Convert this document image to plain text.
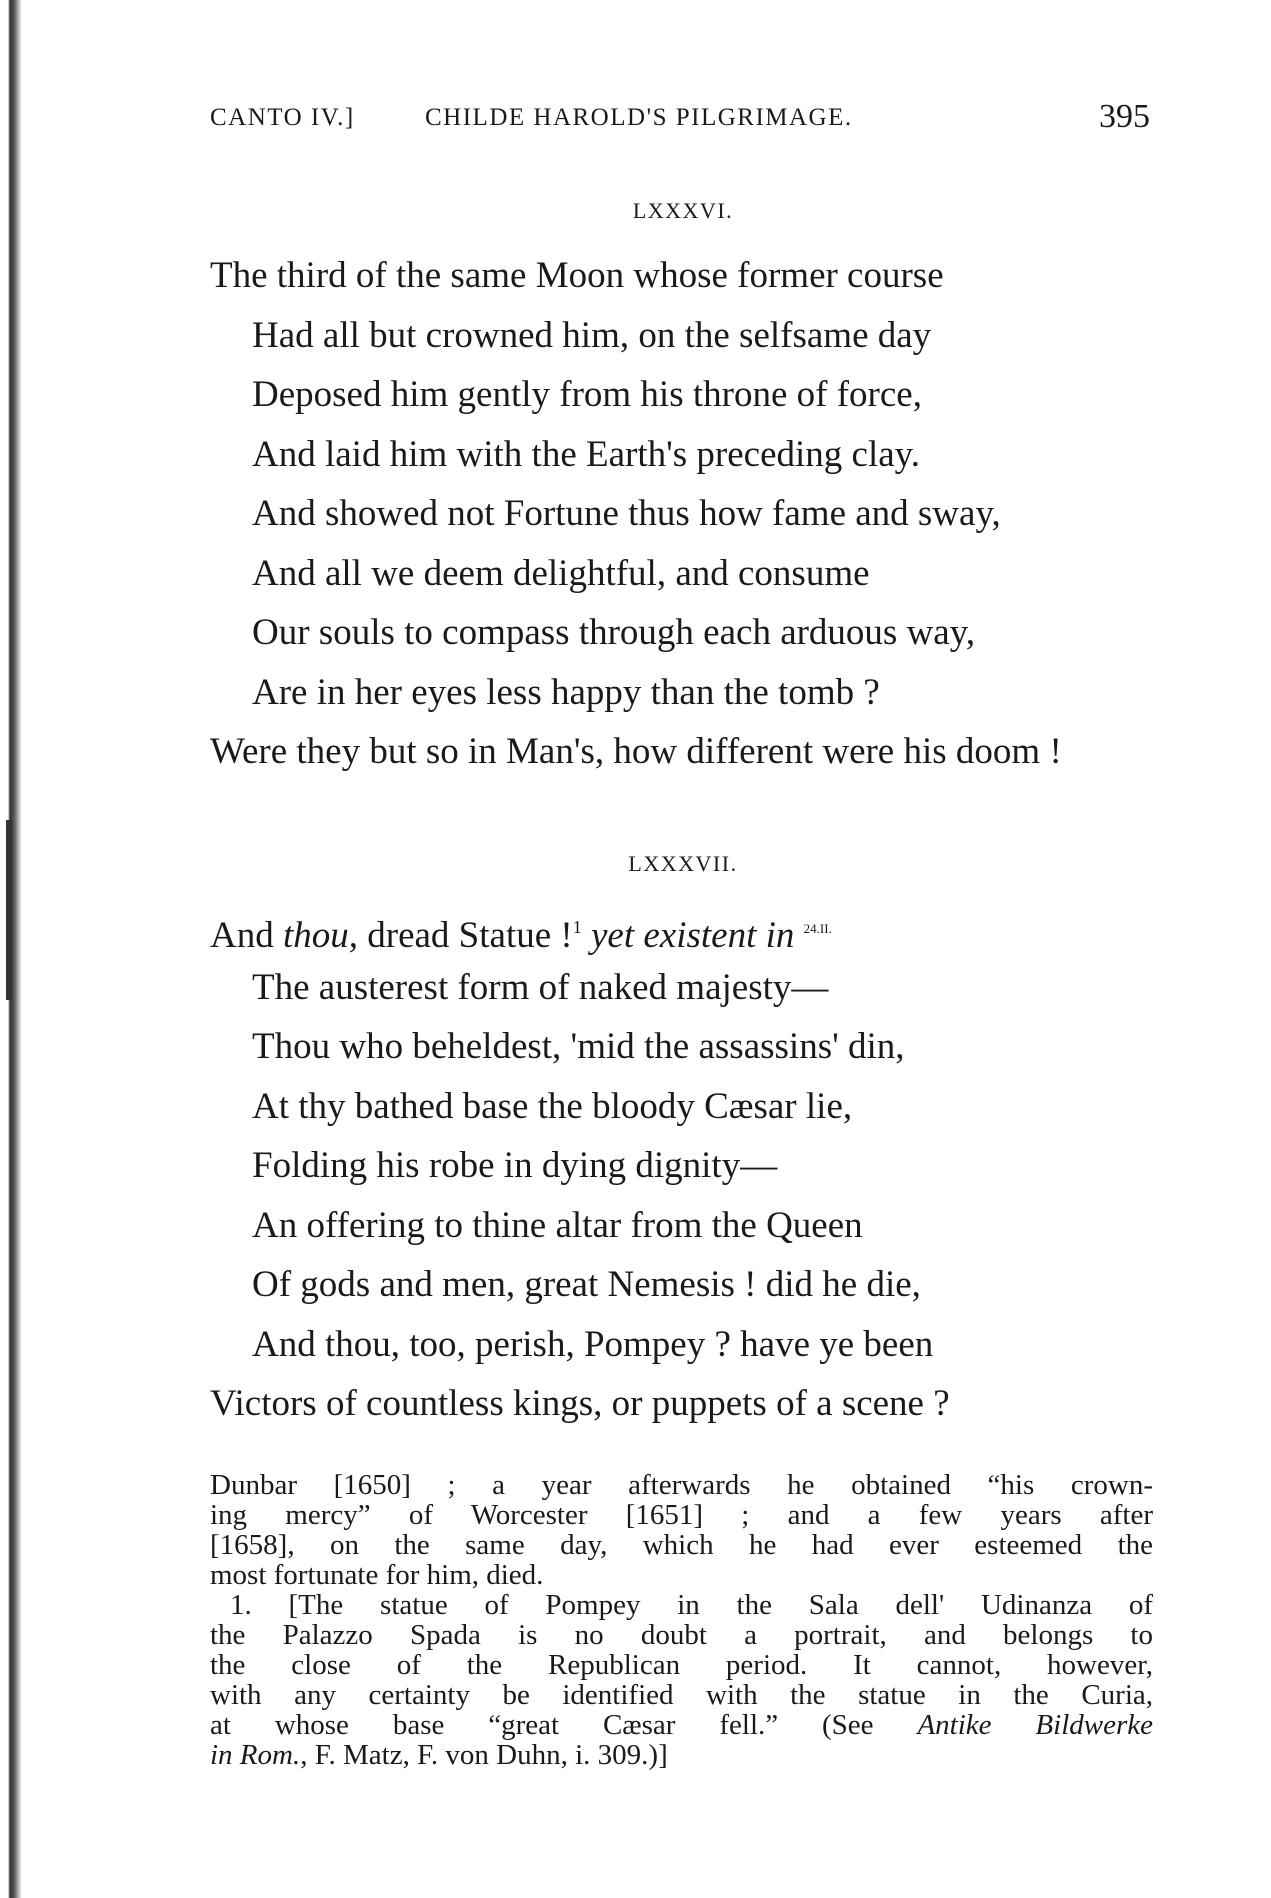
CANTO IV.]	CHILDE HAROLD'S PILGRIMAGE.	395
LXXXVI.
The third of the same Moon whose former course
Had all but crowned him, on the selfsame day
Deposed him gently from his throne of force,
And laid him with the Earth's preceding clay.
And showed not Fortune thus how fame and sway,
And all we deem delightful, and consume
Our souls to compass through each arduous way,
Are in her eyes less happy than the tomb ?
Were they but so in Man's, how different were his doom !
LXXXVII.
And thou, dread Statue !$^1$ yet existent in $^{24.II.}$
The austerest form of naked majesty—
Thou who beheldest, 'mid the assassins' din,
At thy bathed base the bloody Cæsar lie,
Folding his robe in dying dignity—
An offering to thine altar from the Queen
Of gods and men, great Nemesis ! did he die,
And thou, too, perish, Pompey ? have ye been
Victors of countless kings, or puppets of a scene ?
Dunbar [1650] ; a year afterwards he obtained “his crown-
ing mercy” of Worcester [1651] ; and a few years after
[1658], on the same day, which he had ever esteemed the
most fortunate for him, died.
1. [The statue of Pompey in the Sala dell' Udinanza of
the Palazzo Spada is no doubt a portrait, and belongs to
the close of the Republican period. It cannot, however,
with any certainty be identified with the statue in the Curia,
at whose base “great Cæsar fell.” (See Antike Bildwerke
in Rom., F. Matz, F. von Duhn, i. 309.)]
